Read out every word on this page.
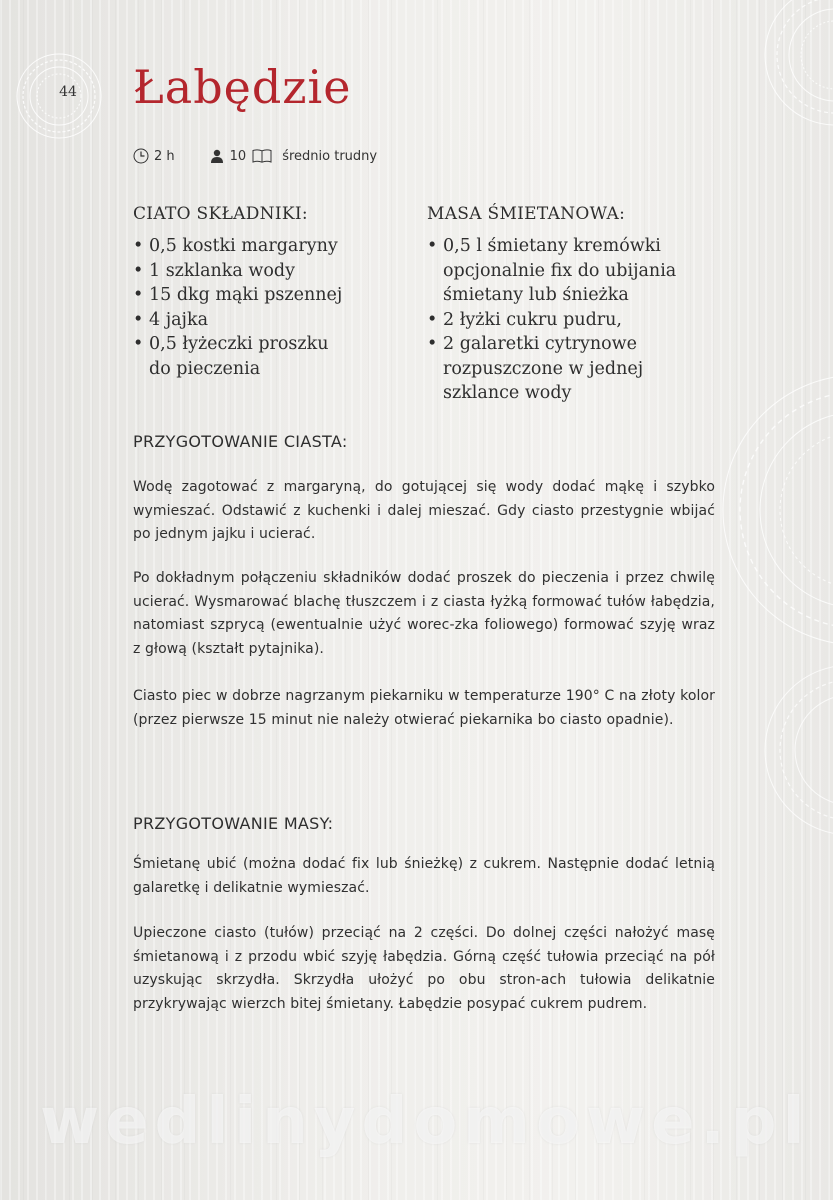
44 Łabędzie
2 h	10	średnio trudny
CIATO SKŁADNIKI:
• 0,5 kostki margaryny
• 1 szklanka wody
• 15 dkg mąki pszennej
• 4 jajka
• 0,5 łyżeczki proszku do pieczenia
MASA ŚMIETANOWA:
• 0,5 l śmietany kremówki opcjonalnie fix do ubijania śmietany lub śnieżka
• 2 łyżki cukru pudru,
• 2 galaretki cytrynowe rozpuszczone w jednej szklance wody
PRZYGOTOWANIE CIASTA:

Wodę zagotować z margaryną, do gotującej się wody dodać mąkę i szybko wymieszać. Odstawić z kuchenki i dalej mieszać. Gdy ciasto przestygnie wbijać po jednym jajku i ucierać.

Po dokładnym połączeniu składników dodać proszek do pieczenia i przez chwilę ucierać. Wysmarować blachę tłuszczem i z ciasta łyżką formować tułów łabędzia, natomiast szprycą (ewentualnie użyć worec-zka foliowego) formować szyję wraz z głową (kształt pytajnika).

Ciasto piec w dobrze nagrzanym piekarniku w temperaturze 190° C na złoty kolor (przez pierwsze 15 minut nie należy otwierać piekarnika bo ciasto opadnie).

PRZYGOTOWANIE MASY:

Śmietanę ubić (można dodać fix lub śnieżkę) z cukrem. Następnie dodać letnią galaretkę i delikatnie wymieszać.

Upieczone ciasto (tułów) przeciąć na 2 części. Do dolnej części nałożyć masę śmietanową i z przodu wbić szyję łabędzia. Górną część tułowia przeciąć na pół uzyskując skrzydła. Skrzydła ułożyć po obu stron-ach tułowia delikatnie przykrywając wierzch bitej śmietany. Łabędzie posypać cukrem pudrem.

wedlinydomowe.pl
